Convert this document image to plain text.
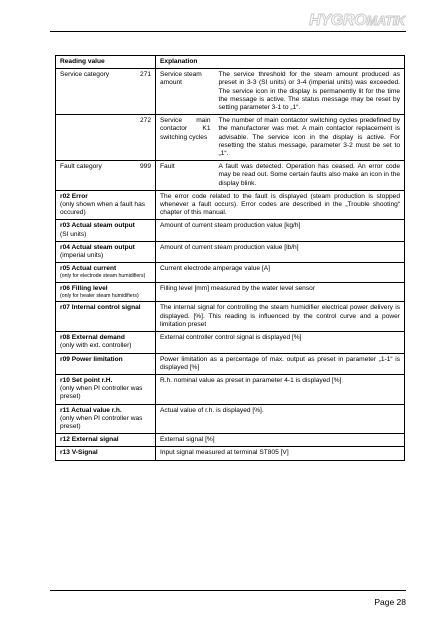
HYGROMATIK
Reading value		Explanation	
Service category	271	Service steam amount	The service threshold for the steam amount produced as preset in 3-3 (SI units) or 3-4 (imperial units) was exceeded. The service icon in the display is permanently lit for the time the message is active. The status message may be reset by setting parameter 3-1 to „1“.
	272	Service main contactor K1 switching cycles	The number of main contactor switching cycles predefined by the manufactorer was met. A main contactor replacement is advisable. The service icon in the display is active. For resetting the status message, parameter 3-2 must be set to „1“.
Fault category	999	Fault	A fault was detected. Operation has ceased. An error code may be read out. Some certain faults also make an icon in the display blink.

r02 Error
(only shown when a fault has occured)		The error code related to the fault is displayed (steam production is stopped whenever a fault occurs). Error codes are described in the „Trouble shooting“ chapter of this manual.	

r03 Actual steam output
(SI units)		Amount of current steam production value [kg/h]	

r04 Actual steam output
(imperial units)		Amount of current steam production value [lb/h]	

r05 Actual current
(only for electrode steam humidifiers)		Current electrode amperage value [A]	

r06 Filling level
(only for heater steam humidifiers)		Filling level [mm] measured by the water level sensor	

r07 Internal control signal		The internal signal for controlling the steam humidifier electrical power delivery is displayed. [%]. This reading is influenced by the control curve and a power limitation preset	

r08 External demand
(only with ext. controller)		External controller control signal is displayed [%]	

r09 Power limitation		Power limitation as a percentage of max. output as preset in parameter „1-1“ is displayed [%]	

r10 Set point r.H.
(only when PI controller was preset)		R.h. nominal value as preset in parameter 4-1 is displayed [%]	

r11 Actual value r.h.
(only when PI controller was preset)		Actual value of r.h. is displayed [%].	

r12 External signal		External signal [%]	

r13 V-Signal		Input signal measured at terminal ST805 [V]	
Page 28
